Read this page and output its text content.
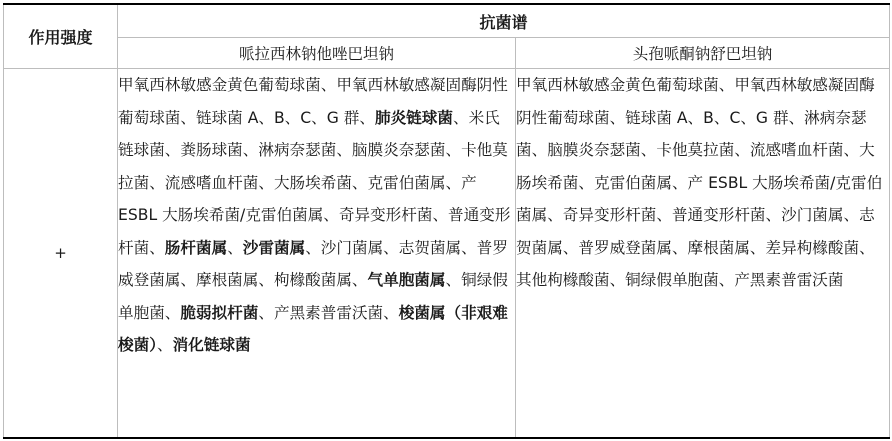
作用强度	抗菌谱	
	哌拉西林钠他唑巴坦钠	头孢哌酮钠舒巴坦钠
+	甲氧西林敏感金黄色葡萄球菌、甲氧西林敏感凝固酶阴性葡萄球菌、链球菌 A、B、C、G 群、肺炎链球菌、米氏链球菌、粪肠球菌、淋病奈瑟菌、脑膜炎奈瑟菌、卡他莫拉菌、流感嗜血杆菌、大肠埃希菌、克雷伯菌属、产 ESBL 大肠埃希菌/克雷伯菌属、奇异变形杆菌、普通变形杆菌、肠杆菌属、沙雷菌属、沙门菌属、志贺菌属、普罗威登菌属、摩根菌属、枸橼酸菌属、气单胞菌属、铜绿假单胞菌、脆弱拟杆菌、产黑素普雷沃菌、梭菌属（非艰难梭菌）、消化链球菌	甲氧西林敏感金黄色葡萄球菌、甲氧西林敏感凝固酶阴性葡萄球菌、链球菌 A、B、C、G 群、淋病奈瑟菌、脑膜炎奈瑟菌、卡他莫拉菌、流感嗜血杆菌、大肠埃希菌、克雷伯菌属、产 ESBL 大肠埃希菌/克雷伯菌属、奇异变形杆菌、普通变形杆菌、沙门菌属、志贺菌属、普罗威登菌属、摩根菌属、差异枸橼酸菌、其他枸橼酸菌、铜绿假单胞菌、产黑素普雷沃菌
